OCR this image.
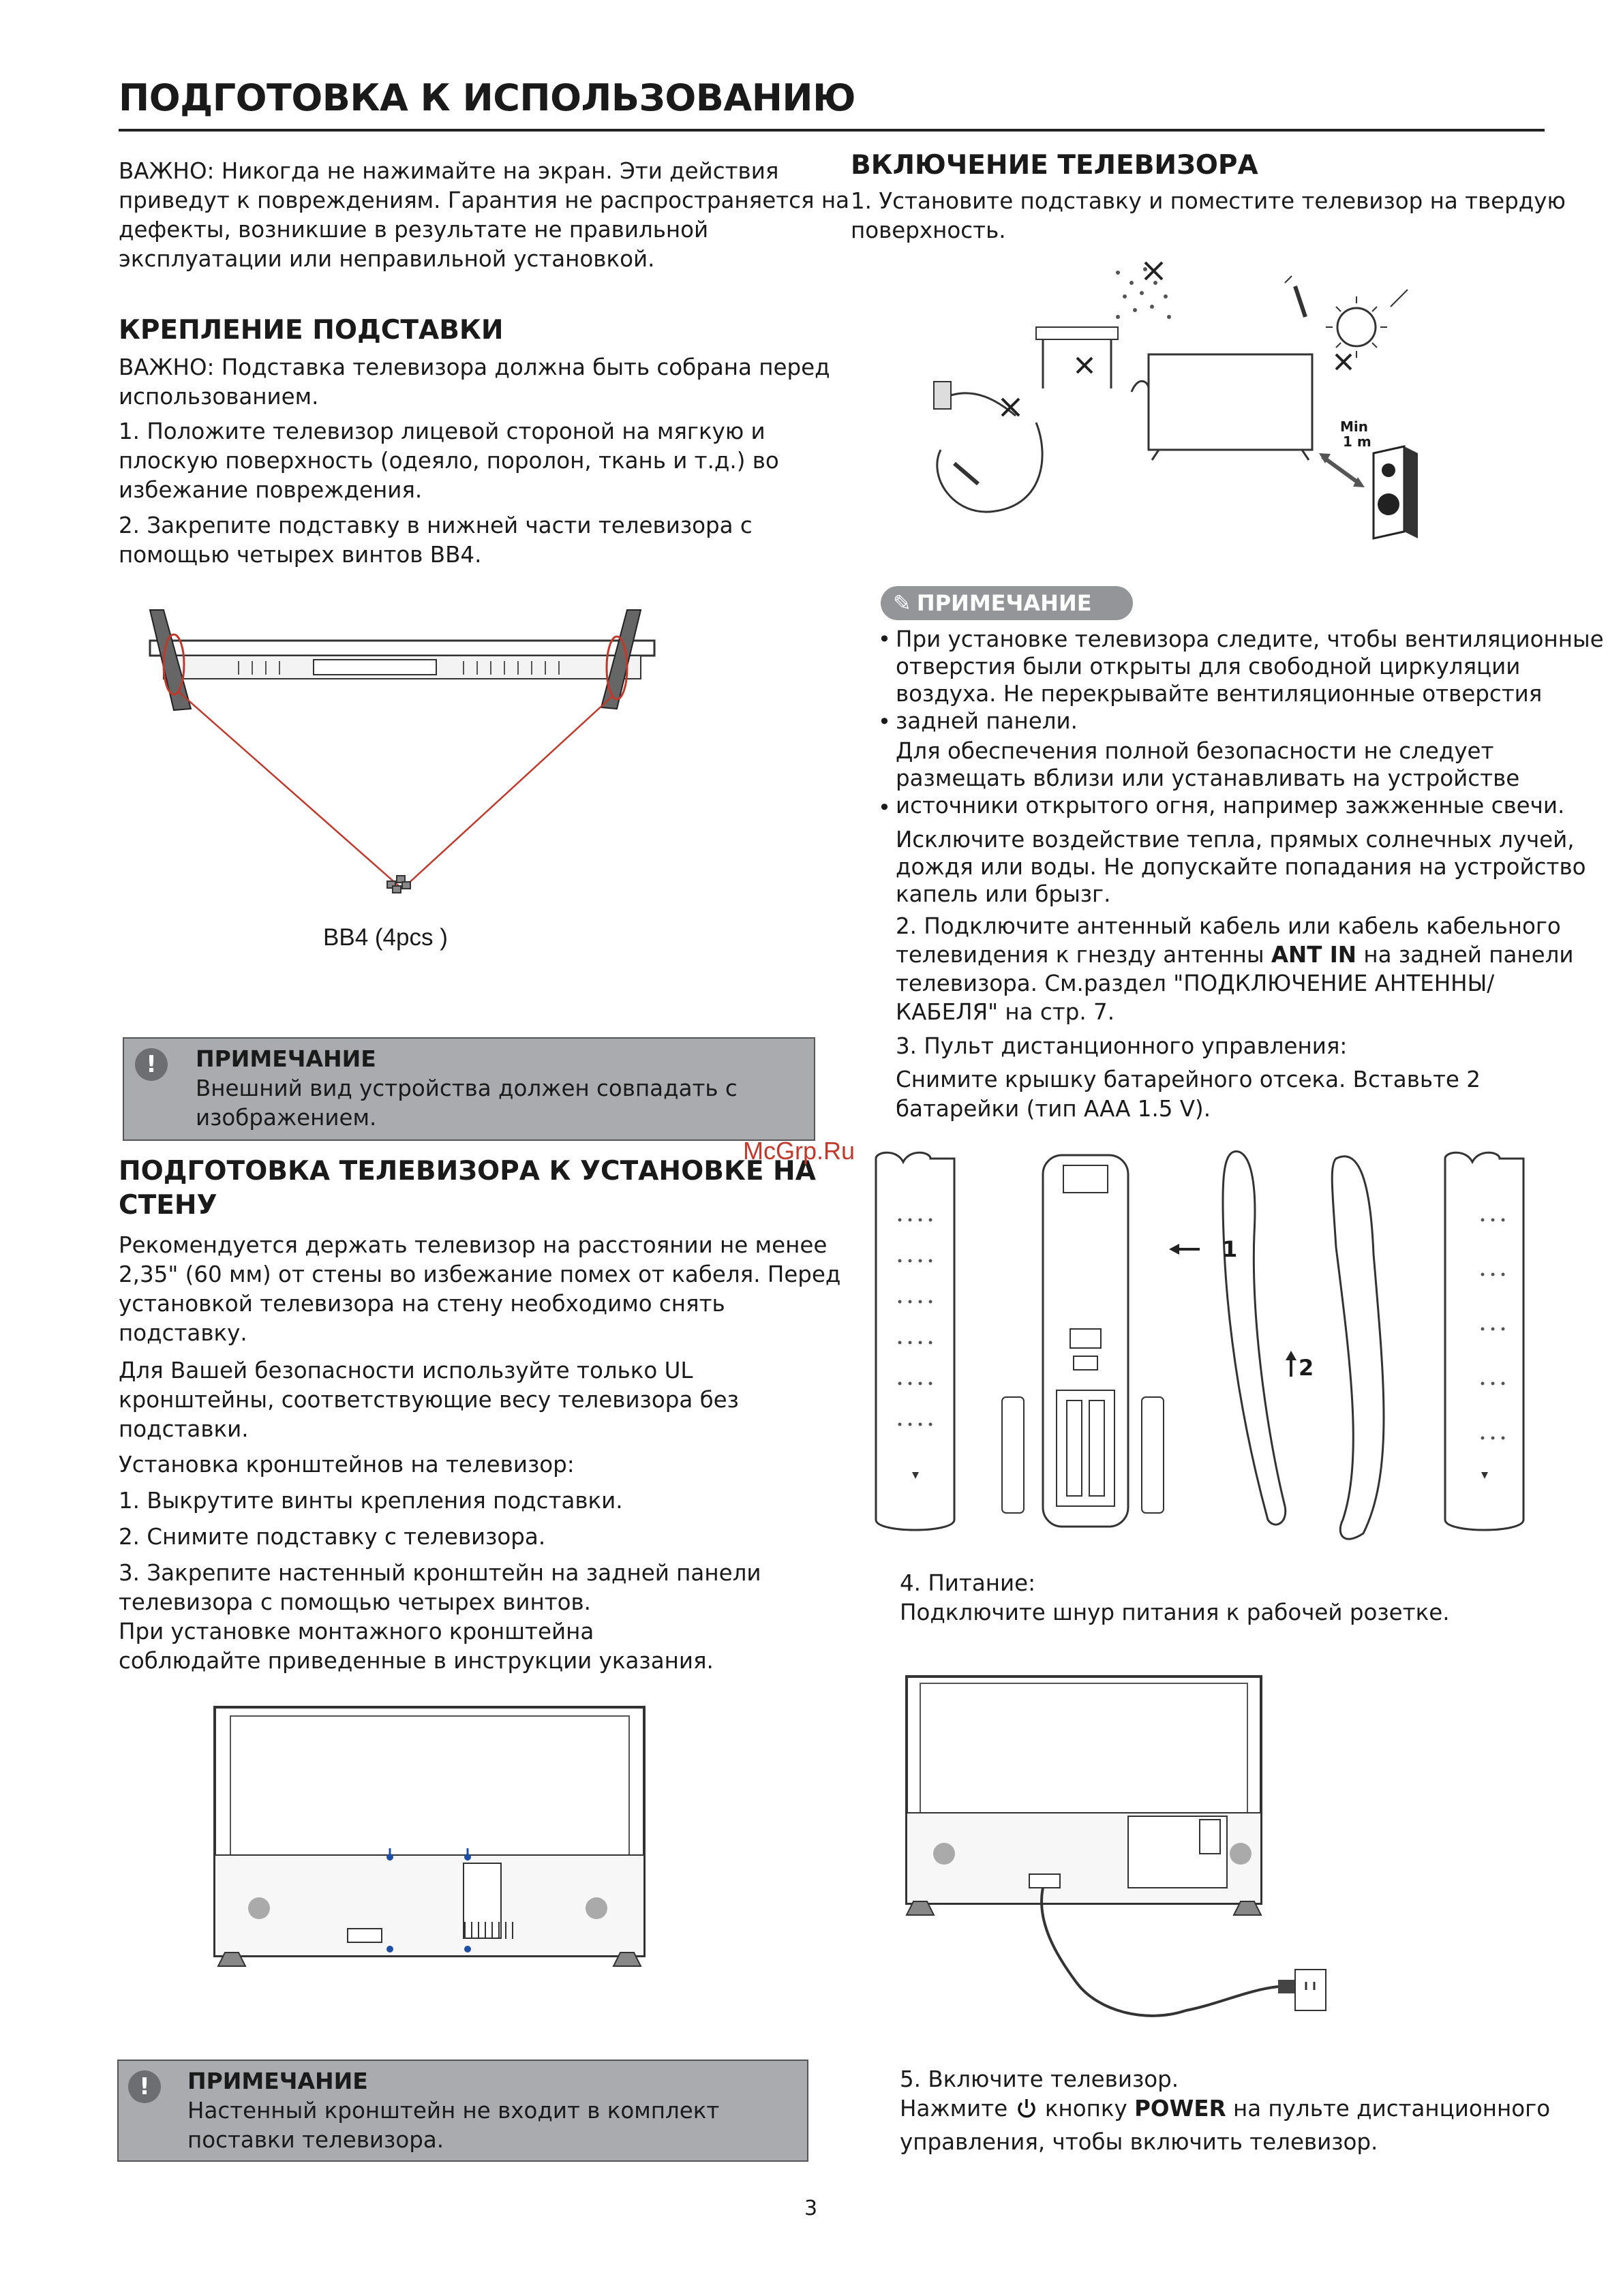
ПОДГОТОВКА К ИСПОЛЬЗОВАНИЮ
ВАЖНО: Никогда не нажимайте на экран. Эти действия
приведут к повреждениям. Гарантия не распространяется на
дефекты, возникшие в результате не правильной
эксплуатации или неправильной установкой.
КРЕПЛЕНИЕ ПОДСТАВКИ
ВАЖНО: Подставка телевизора должна быть собрана перед
использованием.
1. Положите телевизор лицевой стороной на мягкую и
плоскую поверхность (одеяло, поролон, ткань и т.д.) во
избежание повреждения.
2. Закрепите подставку в нижней части телевизора с
помощью четырех винтов BB4.
BB4 (4pcs )
!	ПРИМЕЧАНИЕ
Внешний вид устройства должен совпадать с
изображением.
ПОДГОТОВКА ТЕЛЕВИЗОРА К УСТАНОВКЕ НА
СТЕНУ
Рекомендуется держать телевизор на расстоянии не менее
2,35" (60 мм) от стены во избежание помех от кабеля. Перед
установкой телевизора на стену необходимо снять
подставку.
Для Вашей безопасности используйте только UL
кронштейны, соответствующие весу телевизора без
подставки.
Установка кронштейнов на телевизор:
1. Выкрутите винты крепления подставки.
2. Снимите подставку с телевизора.
3. Закрепите настенный кронштейн на задней панели
телевизора с помощью четырех винтов.
При установке монтажного кронштейна
соблюдайте приведенные в инструкции указания.
!	ПРИМЕЧАНИЕ
Настенный кронштейн не входит в комплект
поставки телевизора.
ВКЛЮЧЕНИЕ ТЕЛЕВИЗОРА
1. Установите подставку и поместите телевизор на твердую
поверхность.
Min
1 m
✎ ПРИМЕЧАНИЕ
• При установке телевизора следите, чтобы вентиляционные
отверстия были открыты для свободной циркуляции
воздуха. Не перекрывайте вентиляционные отверстия
задней панели.
•
Для обеспечения полной безопасности не следует
размещать вблизи или устанавливать на устройстве
источники открытого огня, например зажженные свечи.
•
Исключите воздействие тепла, прямых солнечных лучей,
дождя или воды. Не допускайте попадания на устройство
капель или брызг.
2. Подключите антенный кабель или кабель кабельного
телевидения к гнезду антенны ANT IN на задней панели
телевизора. См.раздел "ПОДКЛЮЧЕНИЕ АНТЕННЫ/
КАБЕЛЯ" на стр. 7.
3. Пульт дистанционного управления:
Снимите крышку батарейного отсека. Вставьте 2
батарейки (тип AAA 1.5 V).
McGrp.Ru
1
2
4. Питание:
Подключите шнур питания к рабочей розетке.
5. Включите телевизор.
Нажмите  кнопку POWER на пульте дистанционного
управления, чтобы включить телевизор.
3
